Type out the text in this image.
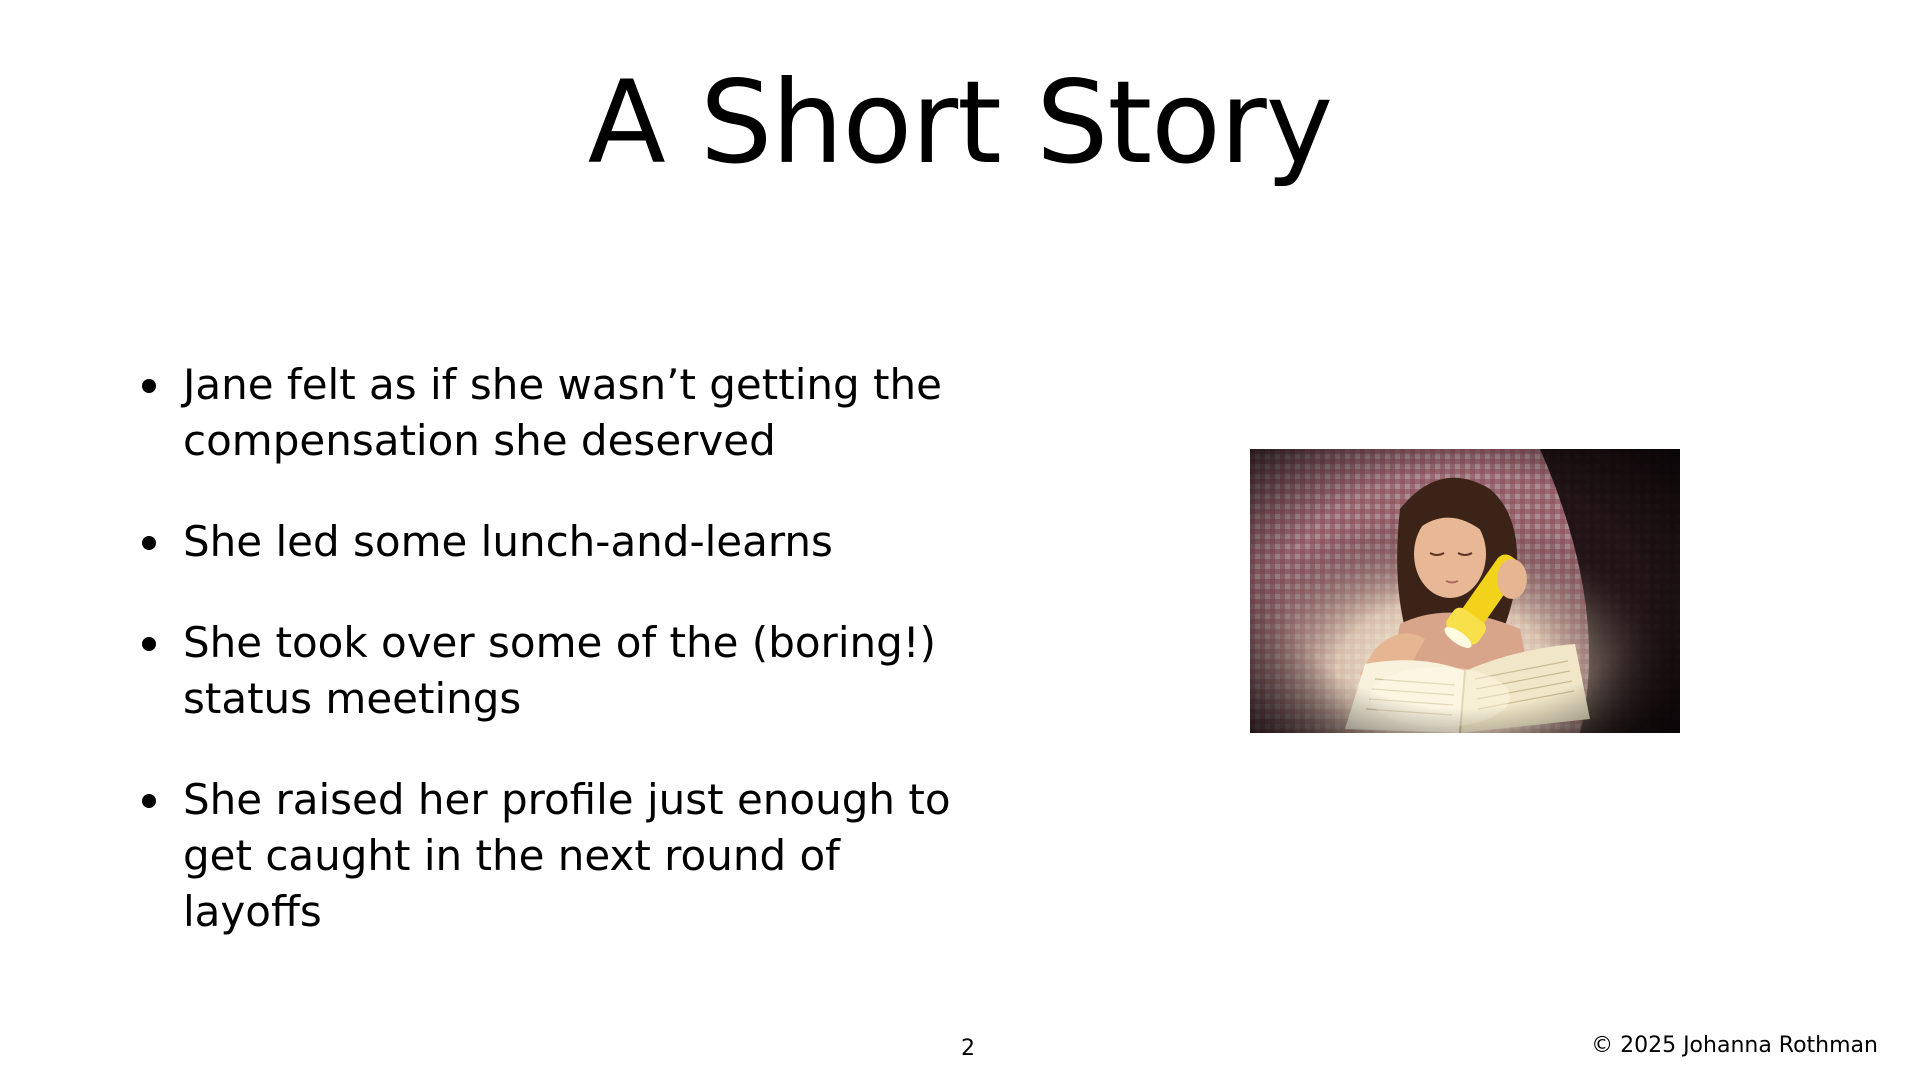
A Short Story
Jane felt as if she wasn’t getting the compensation she deserved
She led some lunch-and-learns
She took over some of the (boring!) status meetings
She raised her profile just enough to get caught in the next round of layoffs
2	© 2025 Johanna Rothman
